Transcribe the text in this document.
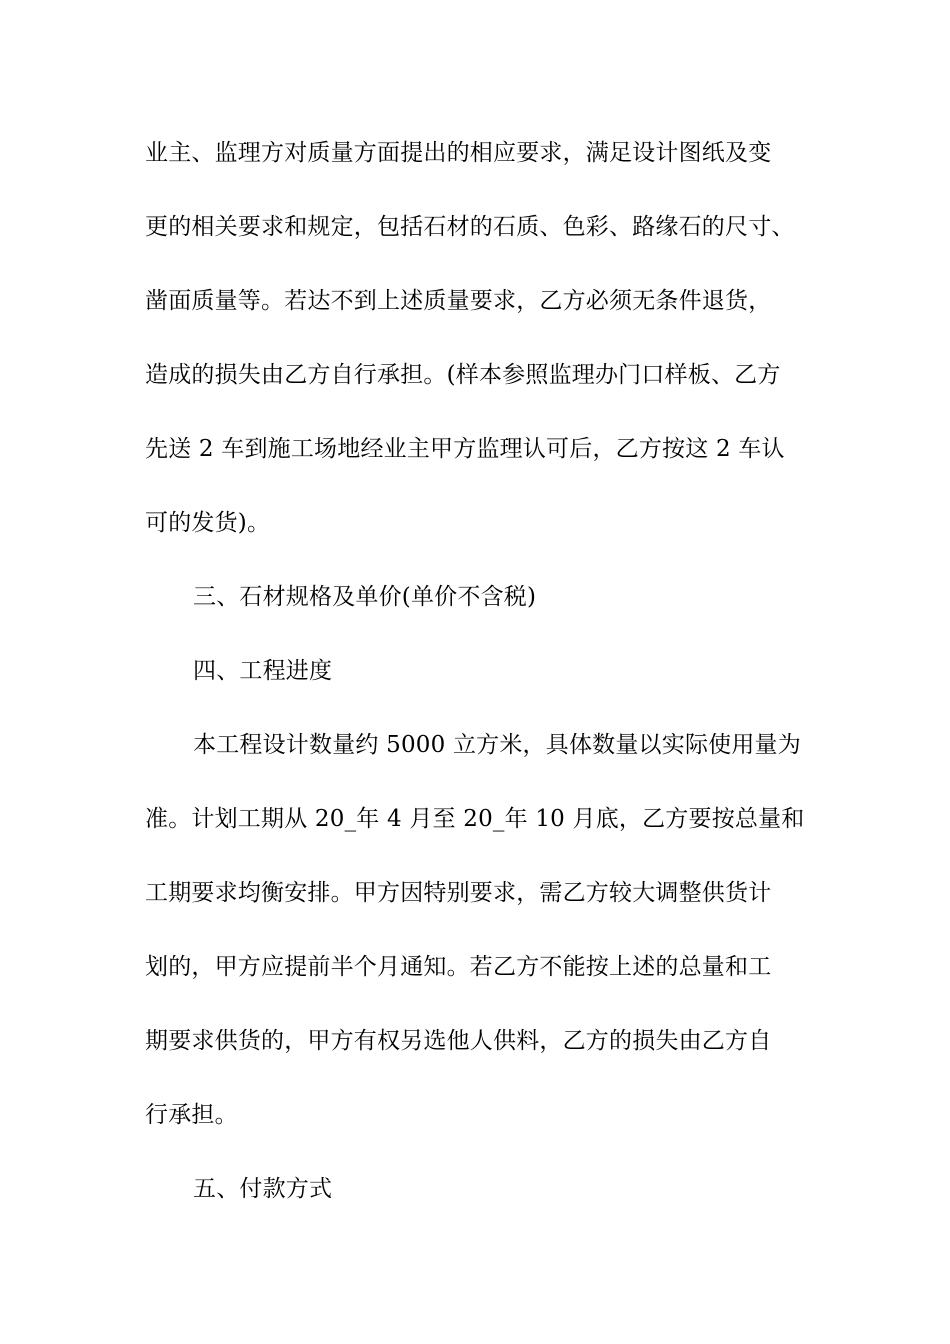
业主、监理方对质量方面提出的相应要求，满足设计图纸及变
更的相关要求和规定，包括石材的石质、色彩、路缘石的尺寸、
凿面质量等。若达不到上述质量要求，乙方必须无条件退货，
造成的损失由乙方自行承担。(样本参照监理办门口样板、乙方
先送 2 车到施工场地经业主甲方监理认可后，乙方按这 2 车认
可的发货)。
三、石材规格及单价(单价不含税)
四、工程进度
本工程设计数量约 5000 立方米，具体数量以实际使用量为
准。计划工期从 20_年 4 月至 20_年 10 月底，乙方要按总量和
工期要求均衡安排。甲方因特别要求，需乙方较大调整供货计
划的，甲方应提前半个月通知。若乙方不能按上述的总量和工
期要求供货的，甲方有权另选他人供料，乙方的损失由乙方自
行承担。
五、付款方式
